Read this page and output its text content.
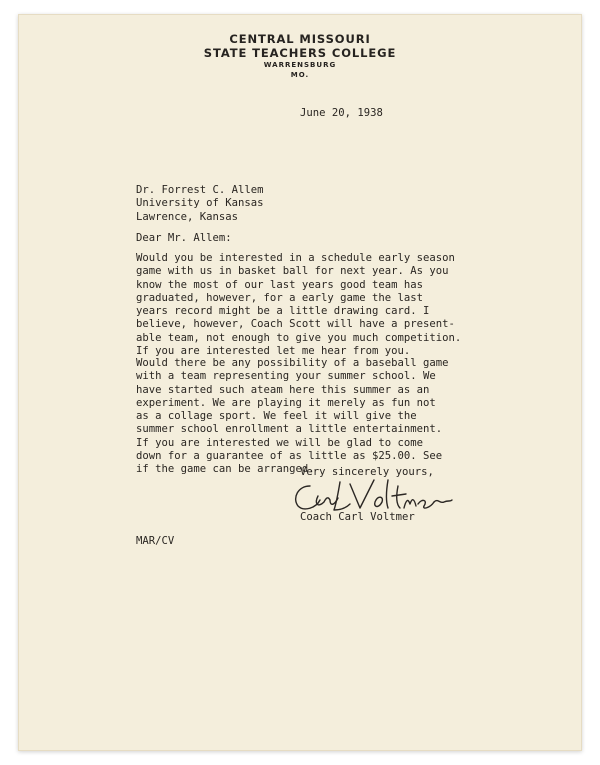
CENTRAL MISSOURI
STATE TEACHERS COLLEGE
WARRENSBURG
MO.
June 20, 1938
Dr. Forrest C. Allem
University of Kansas
Lawrence, Kansas
Dear Mr. Allem:
Would you be interested in a schedule early season
game with us in basket ball for next year. As you
know the most of our last years good team has
graduated, however, for a early game the last
years record might be a little drawing card. I
believe, however, Coach Scott will have a present-
able team, not enough to give you much competition.
If you are interested let me hear from you.
Would there be any possibility of a baseball game
with a team representing your summer school. We
have started such ateam here this summer as an
experiment. We are playing it merely as fun not
as a collage sport. We feel it will give the
summer school enrollment a little entertainment.
If you are interested we will be glad to come
down for a guarantee of as little as $25.00. See
if the game can be arranged.
Very sincerely yours,
Coach Carl Voltmer
MAR/CV
